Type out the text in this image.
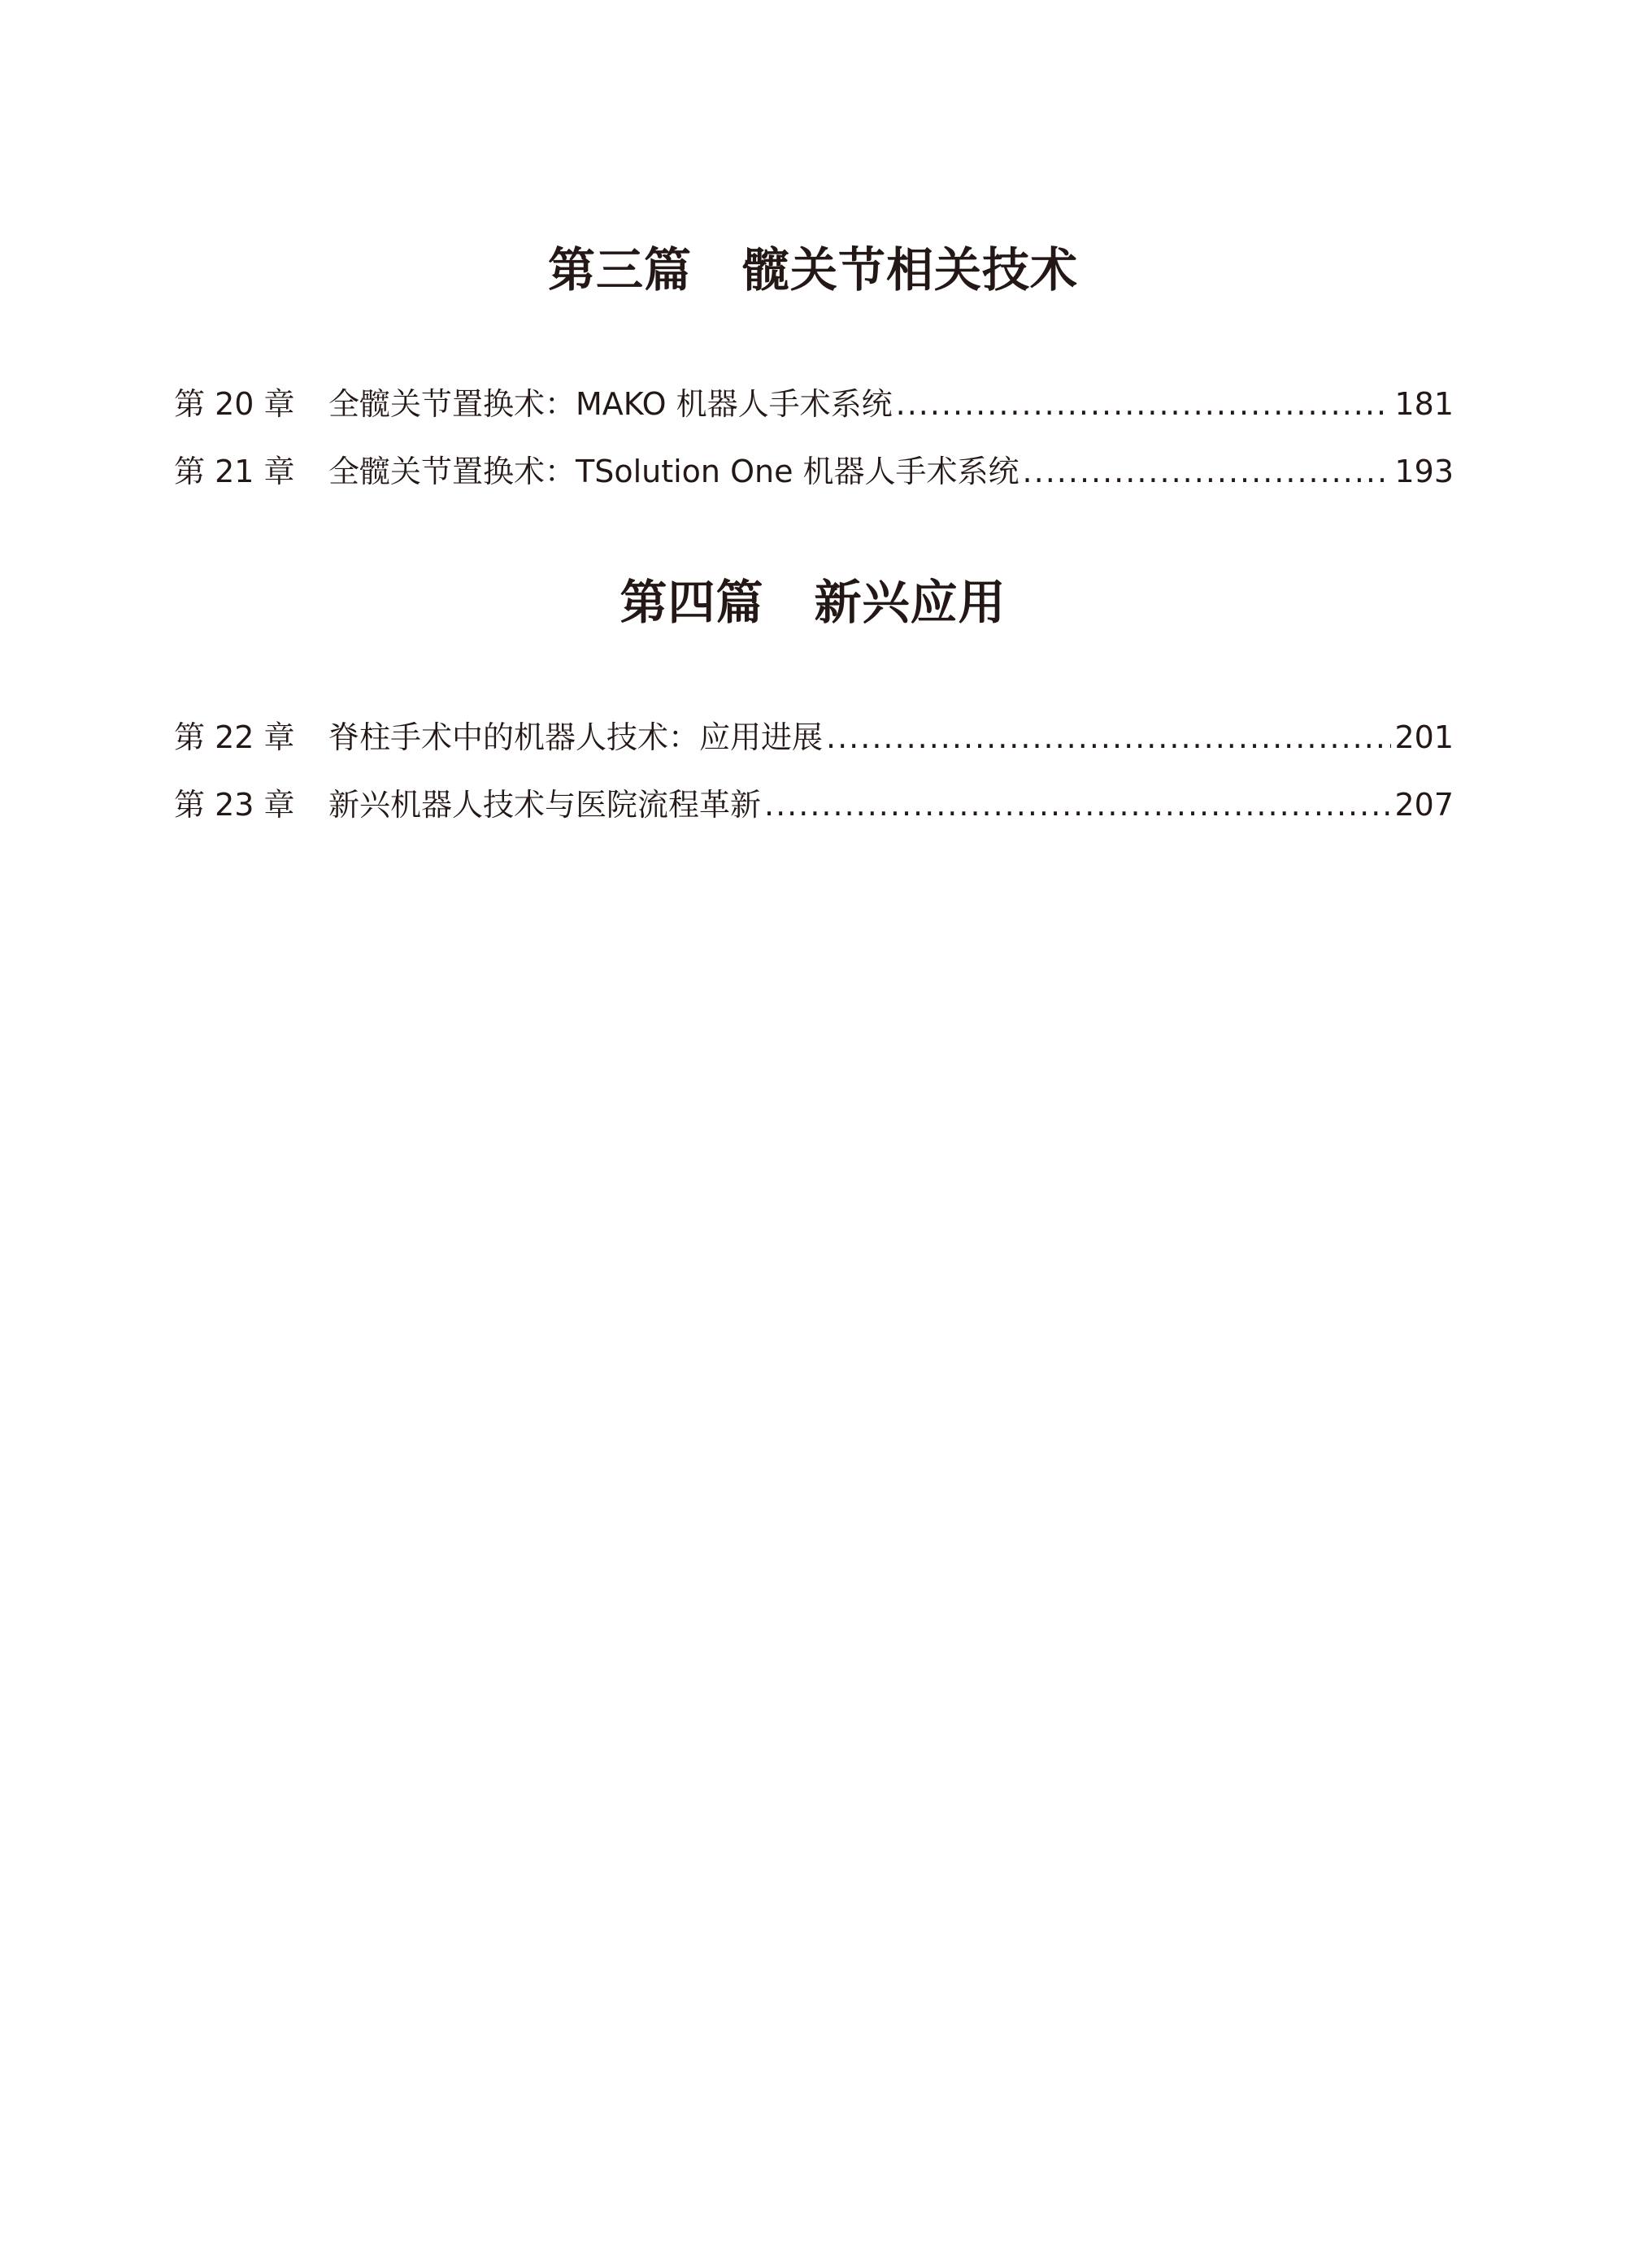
第三篇 髋关节相关技术
第 20 章	全髋关节置换术：MAKO 机器人手术系统 .....	181
第 21 章	全髋关节置换术：TSolution One 机器人手术系统 .....	193
第四篇 新兴应用
第 22 章	脊柱手术中的机器人技术：应用进展 .....	201
第 23 章	新兴机器人技术与医院流程革新 .....	207
